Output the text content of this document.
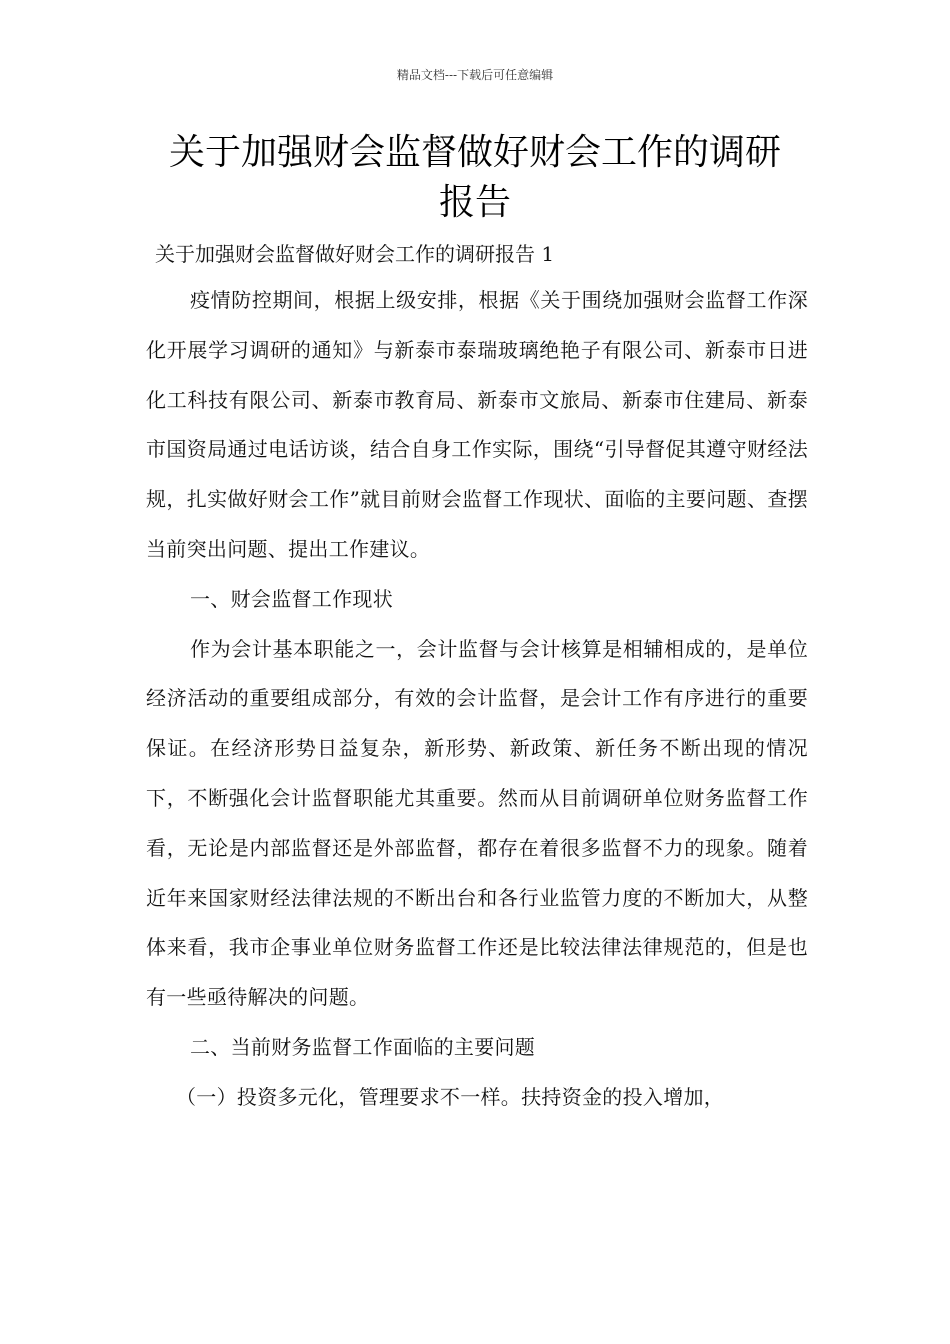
精品文档---下载后可任意编辑
关于加强财会监督做好财会工作的调研
报告
关于加强财会监督做好财会工作的调研报告 1

疫情防控期间，根据上级安排，根据《关于围绕加强财会监督工作深化开展学习调研的通知》与新泰市泰瑞玻璃绝艳子有限公司、新泰市日进化工科技有限公司、新泰市教育局、新泰市文旅局、新泰市住建局、新泰市国资局通过电话访谈，结合自身工作实际，围绕“引导督促其遵守财经法规，扎实做好财会工作”就目前财会监督工作现状、面临的主要问题、查摆当前突出问题、提出工作建议。

一、财会监督工作现状

作为会计基本职能之一，会计监督与会计核算是相辅相成的，是单位经济活动的重要组成部分，有效的会计监督，是会计工作有序进行的重要保证。在经济形势日益复杂，新形势、新政策、新任务不断出现的情况下，不断强化会计监督职能尤其重要。然而从目前调研单位财务监督工作看，无论是内部监督还是外部监督，都存在着很多监督不力的现象。随着近年来国家财经法律法规的不断出台和各行业监管力度的不断加大，从整体来看，我市企事业单位财务监督工作还是比较法律法律规范的，但是也有一些亟待解决的问题。

二、当前财务监督工作面临的主要问题

（一）投资多元化，管理要求不一样。扶持资金的投入增加，
